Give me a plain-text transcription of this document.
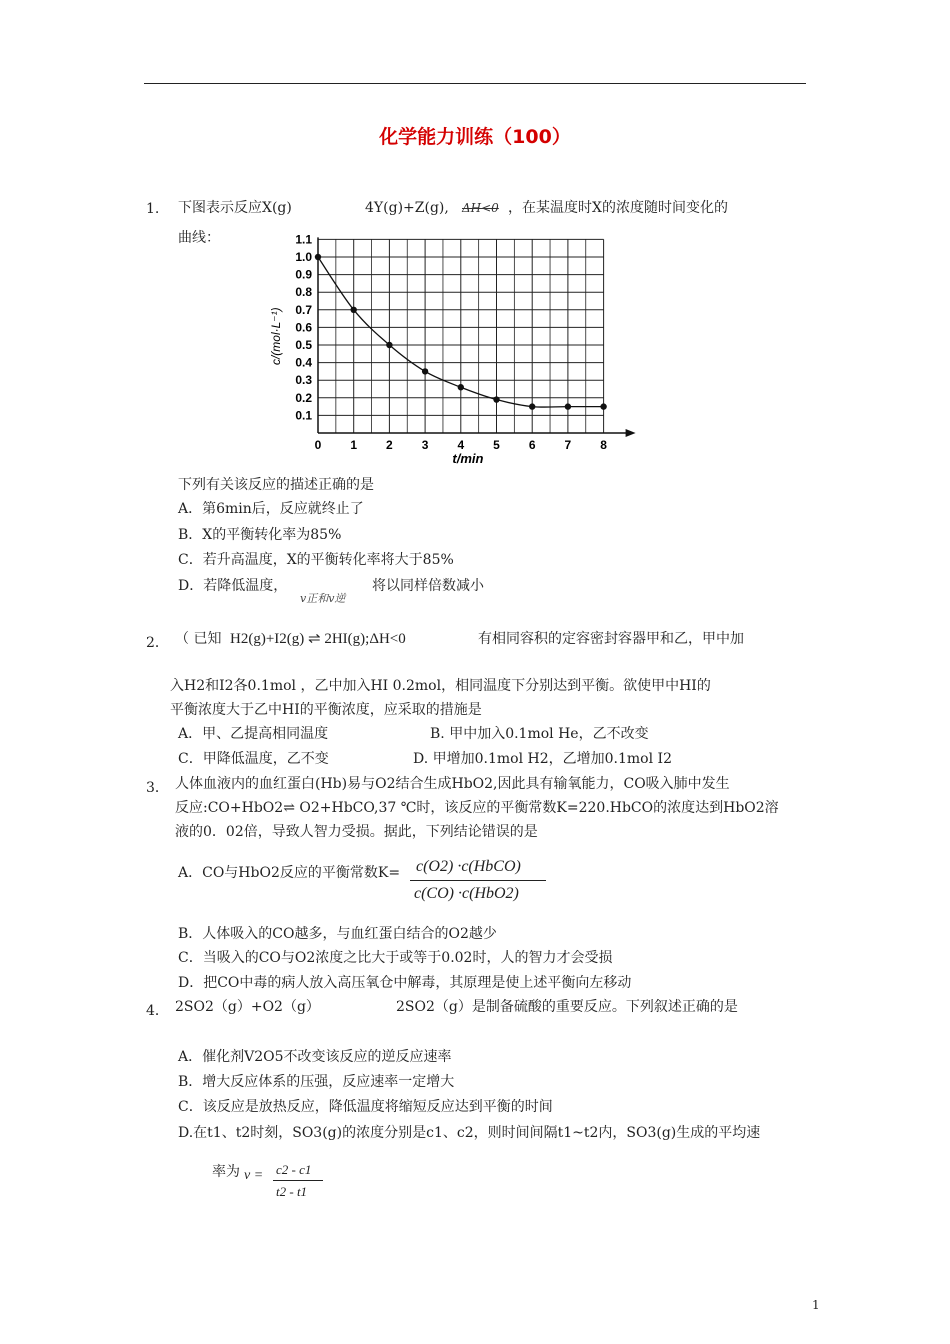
化学能力训练（100）
1. 下图表示反应X(g)	4Y(g)+Z(g), ΔH<0 ，在某温度时X的浓度随时间变化的
曲线：
0.1
0.2
0.3
0.4
0.5
0.6
0.7
0.8
0.9
1.0
1.1
0 1 2 3 4 5 6 7 8
c/(mol·L⁻¹)
t/min
下列有关该反应的描述正确的是
A．第6min后，反应就终止了
B．X的平衡转化率为85%
C．若升高温度，X的平衡转化率将大于85%
D．若降低温度，
v正和v逆
将以同样倍数减小
2． （ 已知 H2(g)+I2(g) ⇌ 2HI(g);ΔH<0	有相同容积的定容密封容器甲和乙，甲中加
入H2和I2各0.1mol ，乙中加入HI 0.2mol，相同温度下分别达到平衡。欲使甲中HI的
平衡浓度大于乙中HI的平衡浓度，应采取的措施是
A．甲、乙提高相同温度	B. 甲中加入0.1mol He，乙不改变
C．甲降低温度，乙不变	D. 甲增加0.1mol H2，乙增加0.1mol I2
3． 人体血液内的血红蛋白(Hb)易与O2结合生成HbO2,因此具有输氧能力，CO吸入肺中发生
反应:CO+HbO2⇌ O2+HbCO,37 ℃时，该反应的平衡常数K=220.HbCO的浓度达到HbO2溶
液的0．02倍，导致人智力受损。据此，下列结论错误的是
A．CO与HbO2反应的平衡常数K= c(O2) ·c(HbCO)
c(CO) ·c(HbO2)
B．人体吸入的CO越多，与血红蛋白结合的O2越少
C．当吸入的CO与O2浓度之比大于或等于0.02时，人的智力才会受损
D．把CO中毒的病人放入高压氧仓中解毒，其原理是使上述平衡向左移动
4． 2SO2（g）+O2（g）	2SO2（g）是制备硫酸的重要反应。下列叙述正确的是
A．催化剂V2O5不改变该反应的逆反应速率
B．增大反应体系的压强，反应速率一定增大
C．该反应是放热反应，降低温度将缩短反应达到平衡的时间
D.在t1、t2时刻，SO3(g)的浓度分别是c1、c2，则时间间隔t1~t2内，SO3(g)生成的平均速
率为 v = c2 - c1
t2 - t1
1
